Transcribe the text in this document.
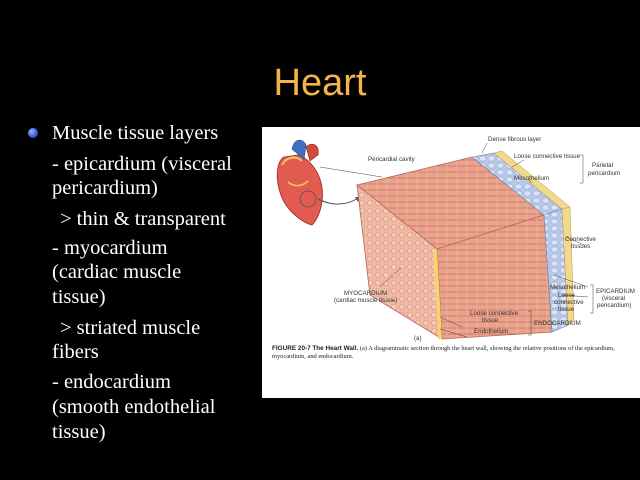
Heart
Muscle tissue layers
- epicardium (visceral
pericardium)
> thin & transparent
- myocardium
(cardiac muscle
tissue)
> striated muscle
fibers
- endocardium
(smooth endothelial
tissue)
Pericardial cavity
Dense fibrous layer
Loose connective tissue
Mesothelium
Parietal
pericardium
Connective
tissues
MYOCARDIUM
(cardiac muscle tissue)
Mesothelium
Loose
connective
tissue
EPICARDIUM
(visceral
pericardium)
Loose connective
tissue
Endothelium
ENDOCARDIUM
(a)
FIGURE 20-7 The Heart Wall. (a) A diagrammatic section through the heart wall, showing the relative positions of the epicardium, myocardium, and endocardium.
